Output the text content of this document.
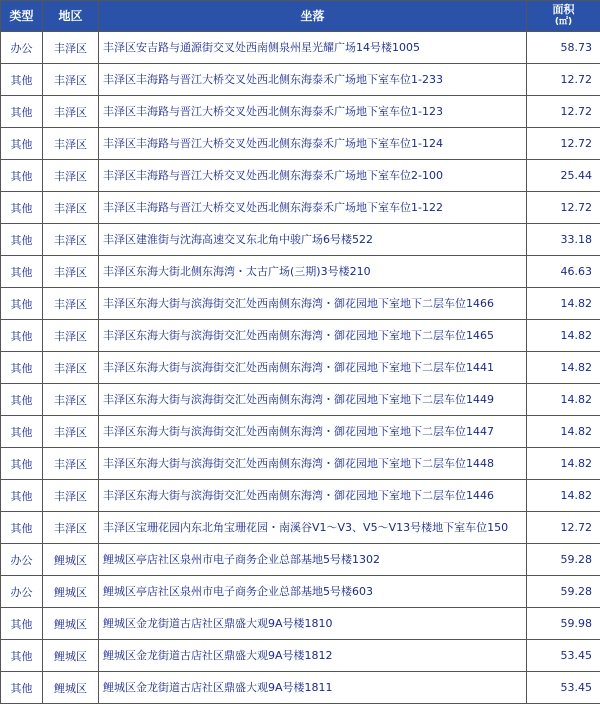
类型	地区	坐落	面积
(㎡)

办公	丰泽区	丰泽区安吉路与通源街交叉处西南侧泉州星光耀广场14号楼1005	58.73
其他	丰泽区	丰泽区丰海路与晋江大桥交叉处西北侧东海泰禾广场地下室车位1-233	12.72
其他	丰泽区	丰泽区丰海路与晋江大桥交叉处西北侧东海泰禾广场地下室车位1-123	12.72
其他	丰泽区	丰泽区丰海路与晋江大桥交叉处西北侧东海泰禾广场地下室车位1-124	12.72
其他	丰泽区	丰泽区丰海路与晋江大桥交叉处西北侧东海泰禾广场地下室车位2-100	25.44
其他	丰泽区	丰泽区丰海路与晋江大桥交叉处西北侧东海泰禾广场地下室车位1-122	12.72
其他	丰泽区	丰泽区建淮街与沈海高速交叉东北角中骏广场6号楼522	33.18
其他	丰泽区	丰泽区东海大街北侧东海湾・太古广场(三期)3号楼210	46.63
其他	丰泽区	丰泽区东海大街与滨海街交汇处西南侧东海湾・御花园地下室地下二层车位1466	14.82
其他	丰泽区	丰泽区东海大街与滨海街交汇处西南侧东海湾・御花园地下室地下二层车位1465	14.82
其他	丰泽区	丰泽区东海大街与滨海街交汇处西南侧东海湾・御花园地下室地下二层车位1441	14.82
其他	丰泽区	丰泽区东海大街与滨海街交汇处西南侧东海湾・御花园地下室地下二层车位1449	14.82
其他	丰泽区	丰泽区东海大街与滨海街交汇处西南侧东海湾・御花园地下室地下二层车位1447	14.82
其他	丰泽区	丰泽区东海大街与滨海街交汇处西南侧东海湾・御花园地下室地下二层车位1448	14.82
其他	丰泽区	丰泽区东海大街与滨海街交汇处西南侧东海湾・御花园地下室地下二层车位1446	14.82
其他	丰泽区	丰泽区宝珊花园内东北角宝珊花园・南溪谷V1～V3、V5～V13号楼地下室车位150	12.72
办公	鲤城区	鲤城区亭店社区泉州市电子商务企业总部基地5号楼1302	59.28
办公	鲤城区	鲤城区亭店社区泉州市电子商务企业总部基地5号楼603	59.28
其他	鲤城区	鲤城区金龙街道古店社区鼎盛大观9A号楼1810	59.98
其他	鲤城区	鲤城区金龙街道古店社区鼎盛大观9A号楼1812	53.45
其他	鲤城区	鲤城区金龙街道古店社区鼎盛大观9A号楼1811	53.45
